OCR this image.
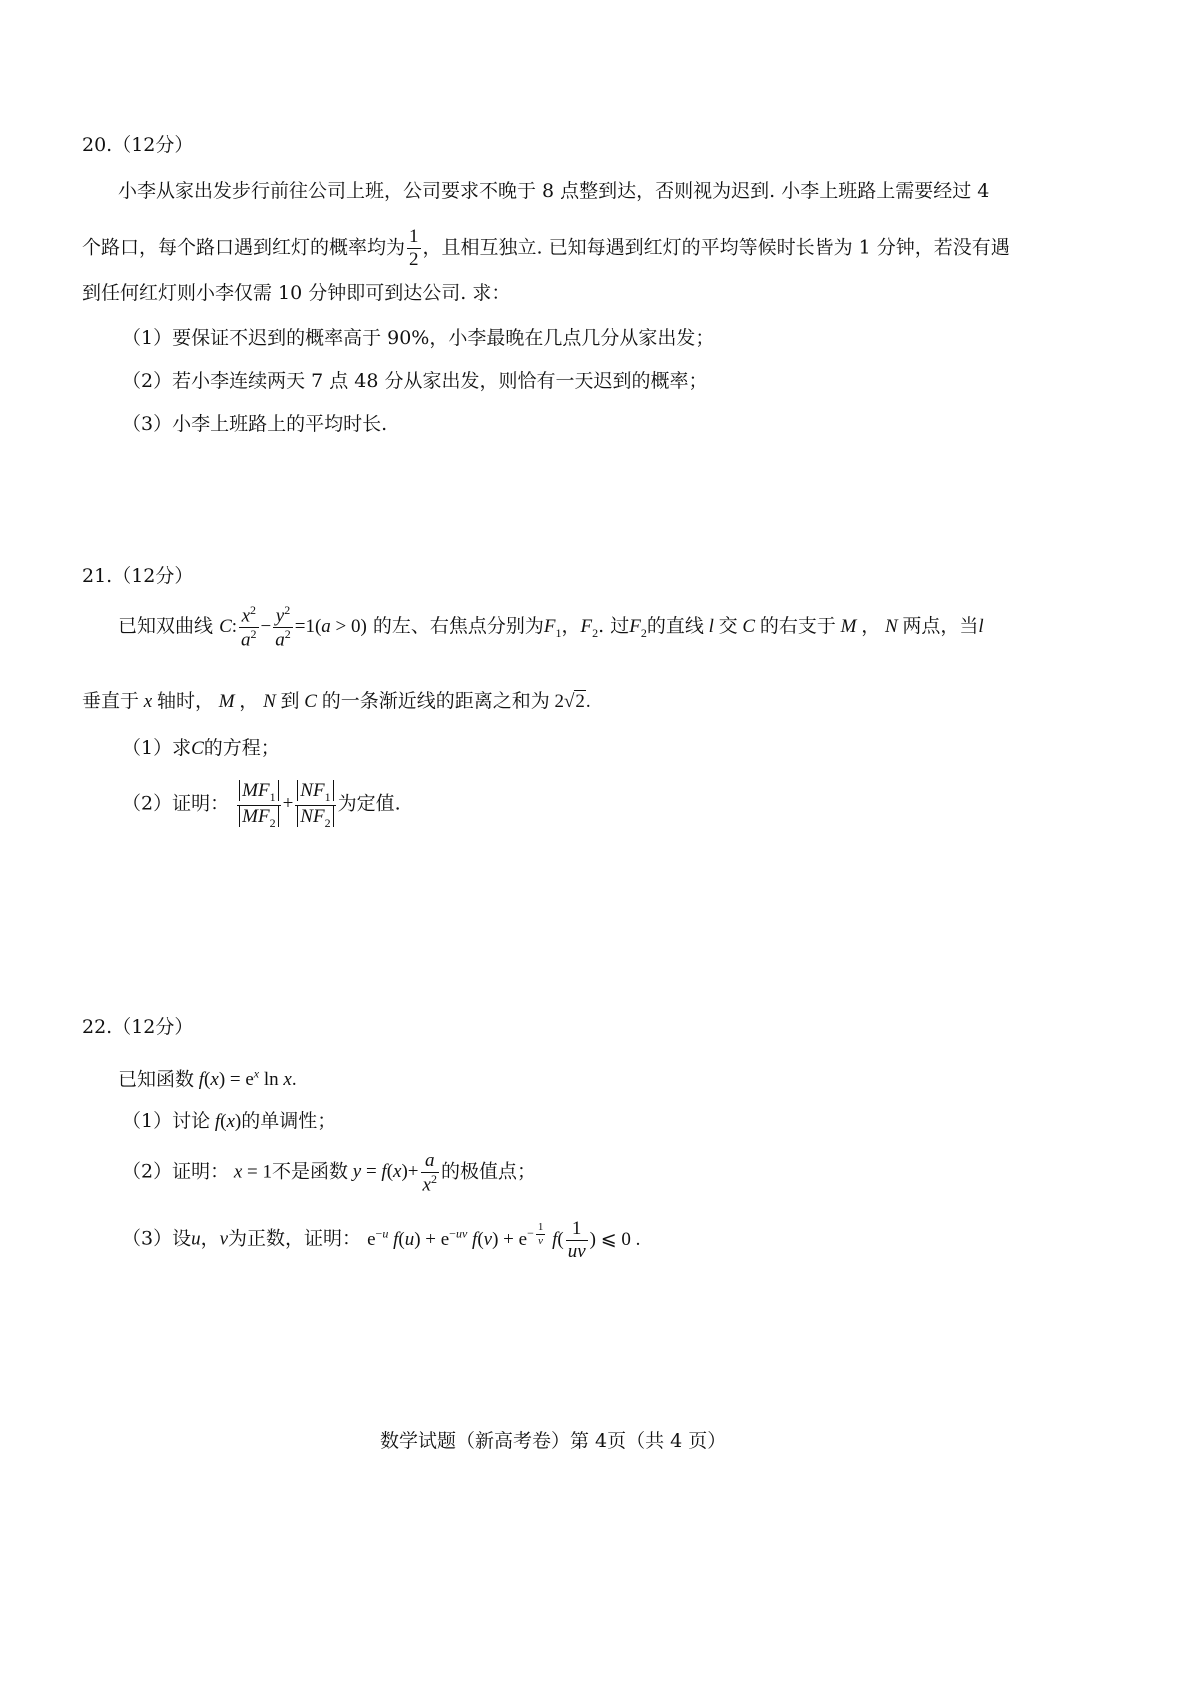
20.（12分）
小李从家出发步行前往公司上班，公司要求不晚于 8 点整到达，否则视为迟到. 小李上班路上需要经过 4
个路口，每个路口遇到红灯的概率均为 $\frac{1}{2}$ ，且相互独立. 已知每遇到红灯的平均等候时长皆为 1 分钟，若没有遇
到任何红灯则小李仅需 10 分钟即可到达公司. 求：
（1）要保证不迟到的概率高于 90%，小李最晚在几点几分从家出发；
（2）若小李连续两天 7 点 48 分从家出发，则恰有一天迟到的概率；
（3）小李上班路上的平均时长.
21.（12分）
已知双曲线 C: $\frac{x^2}{a^2} - \frac{y^2}{a^2} =1(a > 0)$ 的左、右焦点分别为$F_1$，$F_2$. 过$F_2$的直线 l 交 C 的右支于 M ， N 两点，当l
垂直于 x 轴时， M ， N 到 C 的一条渐近线的距离之和为 2√2.
（1）求C的方程；
（2）证明： $\frac{MF_1}{MF_2} + \frac{NF_1}{NF_2}$ 为定值.
22.（12分）
已知函数 $f(x) = e^x$ ln x.
（1）讨论 f(x)的单调性；
（2）证明： x = 1不是函数 $y = f(x)+ \frac{a}{x^2}$ 的极值点；
（3）设u，v为正数，证明： $e^{-u}$ $f(u) + e^{-uv}$ $f(v) + e^{- \frac{1}{v}}$ $f( \frac{1}{uv}$ ) ⩽ 0 .
数学试题（新高考卷）第 4页（共 4 页）
